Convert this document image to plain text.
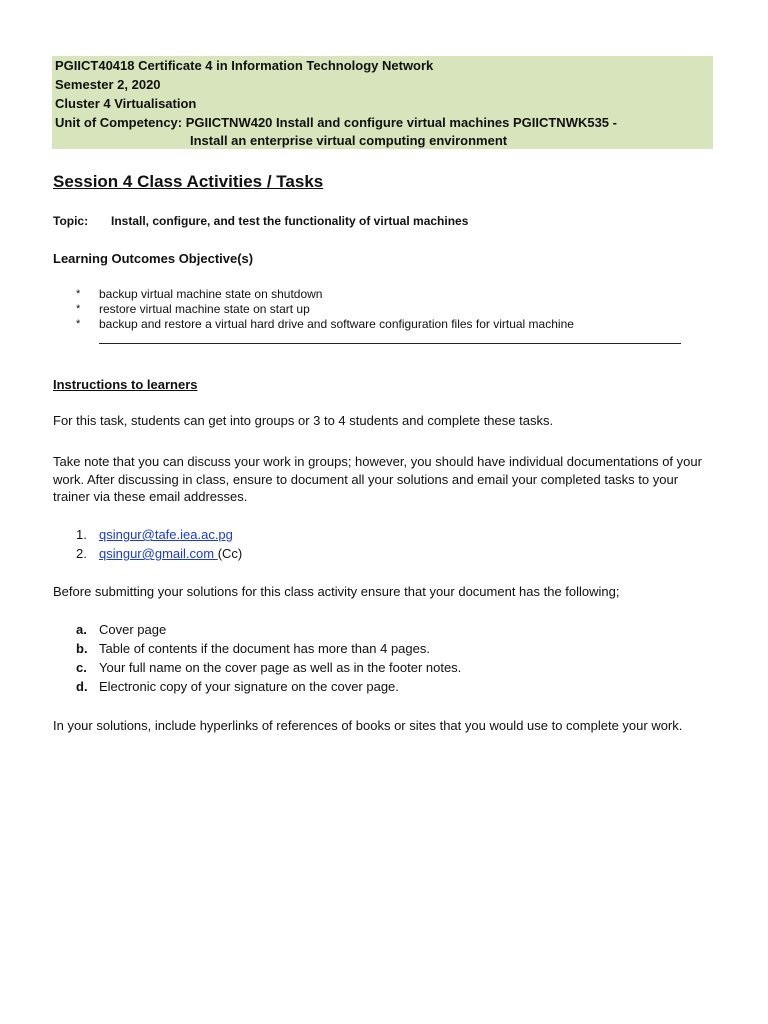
PGIICT40418 Certificate 4 in Information Technology Network
Semester 2, 2020
Cluster 4 Virtualisation
Unit of Competency: PGIICTNW420 Install and configure virtual machines PGIICTNWK535 -
Install an enterprise virtual computing environment
Session 4 Class Activities / Tasks
Topic: Install, configure, and test the functionality of virtual machines
Learning Outcomes Objective(s)
* backup virtual machine state on shutdown
* restore virtual machine state on start up
* backup and restore a virtual hard drive and software configuration files for virtual machine
Instructions to learners
For this task, students can get into groups or 3 to 4 students and complete these tasks.
Take note that you can discuss your work in groups; however, you should have individual documentations of your work. After discussing in class, ensure to document all your solutions and email your completed tasks to your trainer via these email addresses.
1. qsingur@tafe.iea.ac.pg
2. qsingur@gmail.com (Cc)
Before submitting your solutions for this class activity ensure that your document has the following;
a. Cover page
b. Table of contents if the document has more than 4 pages.
c. Your full name on the cover page as well as in the footer notes.
d. Electronic copy of your signature on the cover page.
In your solutions, include hyperlinks of references of books or sites that you would use to complete your work.
